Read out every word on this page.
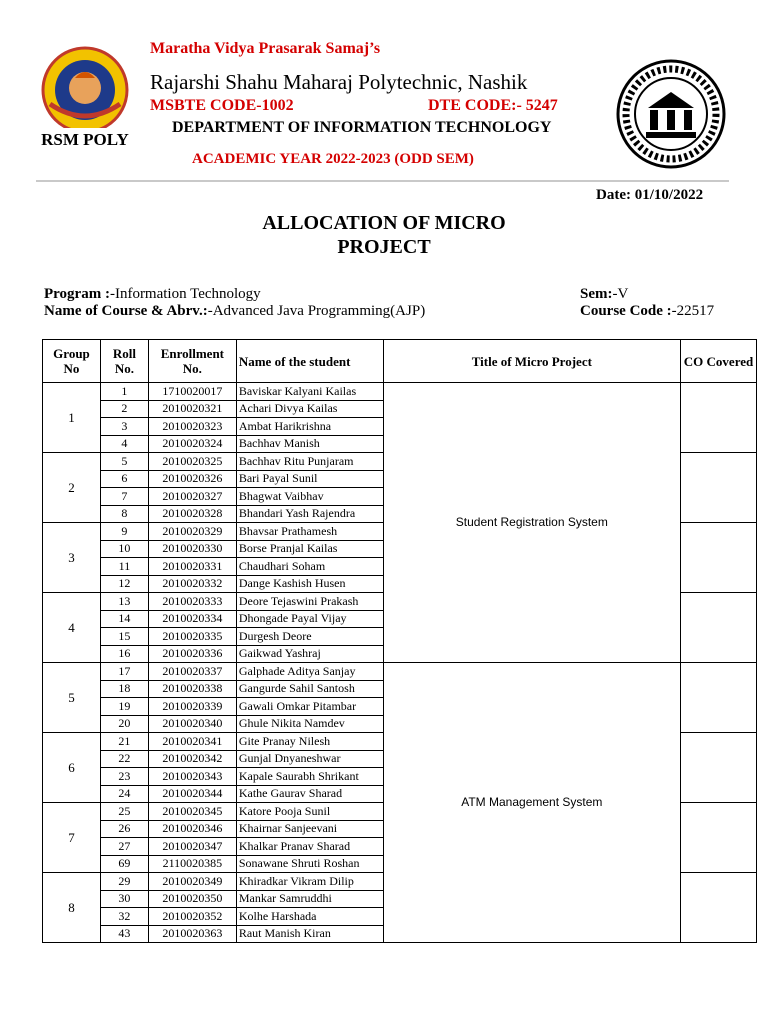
RSM POLY
Maratha Vidya Prasarak Samaj’s
Rajarshi Shahu Maharaj Polytechnic, Nashik
MSBTE CODE-1002	DTE CODE:- 5247
DEPARTMENT OF INFORMATION TECHNOLOGY
ACADEMIC YEAR 2022-2023 (ODD SEM)
Date: 01/10/2022
ALLOCATION OF MICRO
PROJECT
Program :-Information Technology
Name of Course & Abrv.:-Advanced Java Programming(AJP)
Sem:-V
Course Code :-22517
Group No	Roll No.	Enrollment No.	Name of the student	Title of Micro Project	CO Covered
1	1	1710020017	Baviskar Kalyani Kailas	Student Registration System	
	2	2010020321	Achari Divya Kailas		
	3	2010020323	Ambat Harikrishna		
	4	2010020324	Bachhav Manish		
2	5	2010020325	Bachhav Ritu Punjaram		
	6	2010020326	Bari Payal Sunil		
	7	2010020327	Bhagwat Vaibhav		
	8	2010020328	Bhandari Yash Rajendra		
3	9	2010020329	Bhavsar Prathamesh		
	10	2010020330	Borse Pranjal Kailas		
	11	2010020331	Chaudhari Soham		
	12	2010020332	Dange Kashish Husen		
4	13	2010020333	Deore Tejaswini Prakash		
	14	2010020334	Dhongade Payal Vijay		
	15	2010020335	Durgesh Deore		
	16	2010020336	Gaikwad Yashraj		
5	17	2010020337	Galphade Aditya Sanjay	ATM Management System	
	18	2010020338	Gangurde Sahil Santosh		
	19	2010020339	Gawali Omkar Pitambar		
	20	2010020340	Ghule Nikita Namdev		
6	21	2010020341	Gite Pranay Nilesh		
	22	2010020342	Gunjal Dnyaneshwar		
	23	2010020343	Kapale Saurabh Shrikant		
	24	2010020344	Kathe Gaurav Sharad		
7	25	2010020345	Katore Pooja Sunil		
	26	2010020346	Khairnar Sanjeevani		
	27	2010020347	Khalkar Pranav Sharad		
	69	2110020385	Sonawane Shruti Roshan		
8	29	2010020349	Khiradkar Vikram Dilip		
	30	2010020350	Mankar Samruddhi		
	32	2010020352	Kolhe Harshada		
	43	2010020363	Raut Manish Kiran		
